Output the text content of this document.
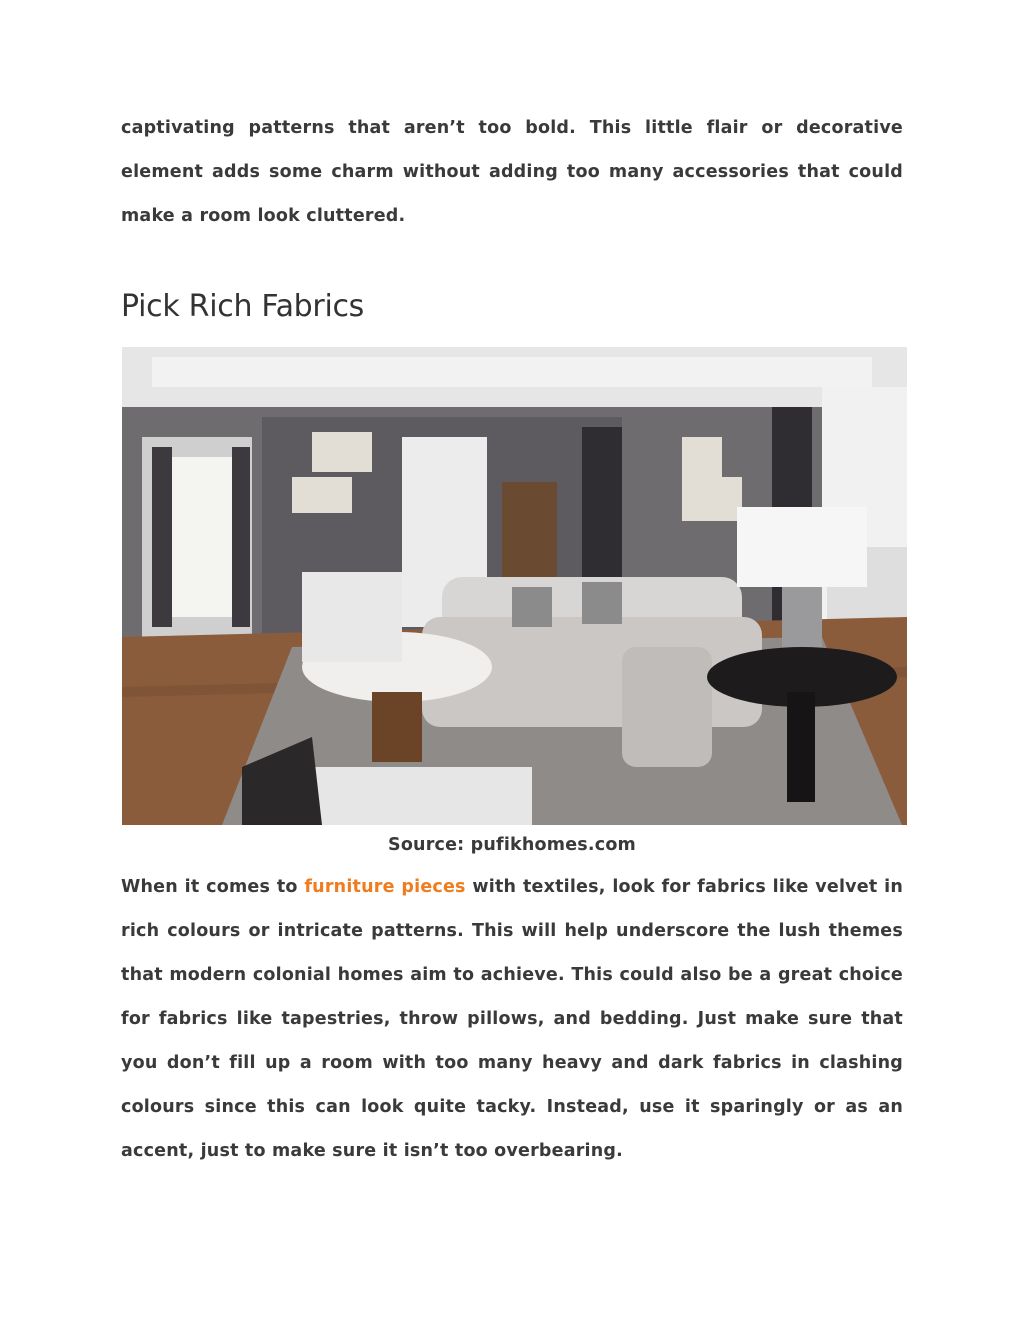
captivating patterns that aren’t too bold. This little flair or decorative element adds some charm without adding too many accessories that could make a room look cluttered.

Pick Rich Fabrics

Source: pufikhomes.com

When it comes to furniture pieces with textiles, look for fabrics like velvet in rich colours or intricate patterns. This will help underscore the lush themes that modern colonial homes aim to achieve. This could also be a great choice for fabrics like tapestries, throw pillows, and bedding. Just make sure that you don’t fill up a room with too many heavy and dark fabrics in clashing colours since this can look quite tacky. Instead, use it sparingly or as an accent, just to make sure it isn’t too overbearing.
